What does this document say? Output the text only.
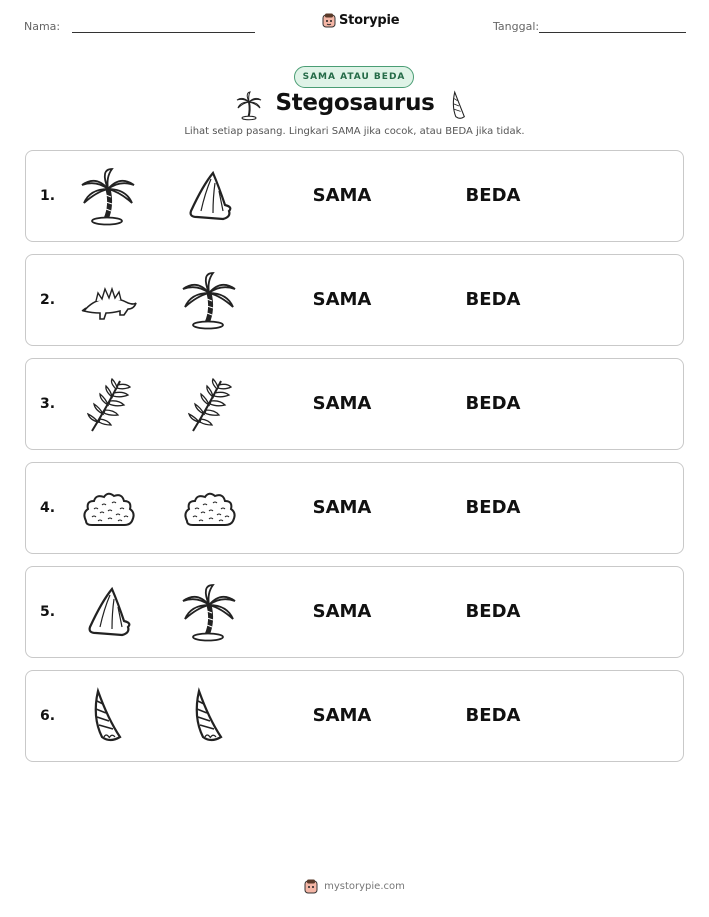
Nama:	Storypie	Tanggal:
SAMA ATAU BEDA
Stegosaurus
Lihat setiap pasang. Lingkari SAMA jika cocok, atau BEDA jika tidak.
1.	SAMA	BEDA
2.	SAMA	BEDA
3.	SAMA	BEDA
4.	SAMA	BEDA
5.	SAMA	BEDA
6.	SAMA	BEDA
mystorypie.com
